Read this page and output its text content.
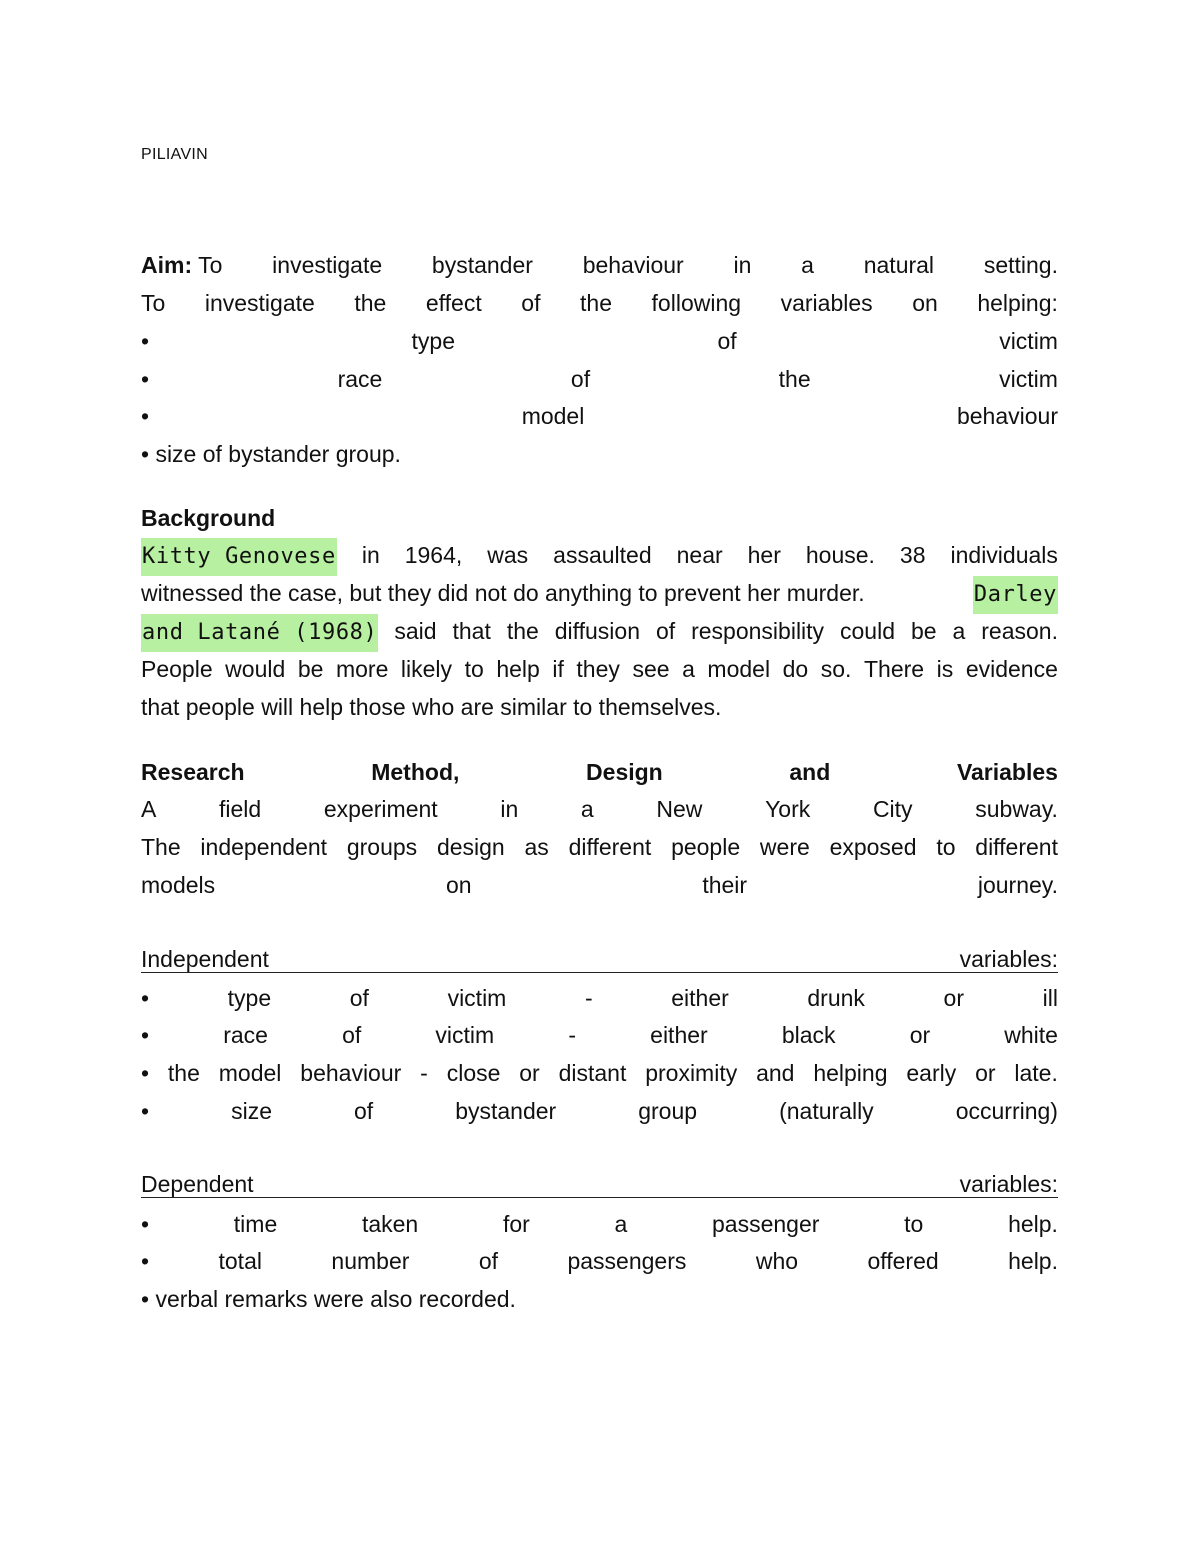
PILIAVIN
Aim: To investigate bystander behaviour in a natural setting.
To investigate the effect of the following variables on helping:
•	type	of	victim
•	race	of	the	victim
•	model	behaviour
• size of bystander group.
Background
Kitty Genovese in 1964, was assaulted near her house. 38 individuals
witnessed the case, but they did not do anything to prevent her murder.	Darley
and Latané (1968) said that the diffusion of responsibility could be a reason.
People would be more likely to help if they see a model do so. There is evidence
that people will help those who are similar to themselves.
Research	Method,	Design	and	Variables
A	field	experiment	in	a	New	York	City	subway.
The independent groups design as different people were exposed to different
models	on	their	journey.
Independent	variables:
•	type	of	victim	-	either	drunk	or	ill
•	race	of	victim	-	either	black	or	white
• the model behaviour - close or distant proximity and helping early or late.
•	size	of	bystander	group	(naturally	occurring)
Dependent	variables:
•	time	taken	for	a	passenger	to	help.
•	total	number	of	passengers	who	offered	help.
• verbal remarks were also recorded.
